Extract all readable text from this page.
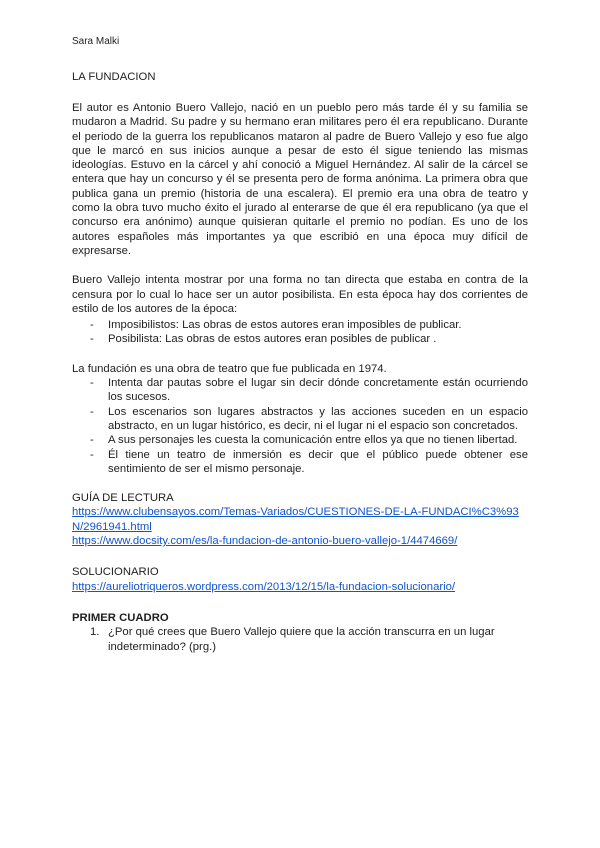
Sara Malki
LA FUNDACION

El autor es Antonio Buero Vallejo, nació en un pueblo pero más tarde él y su familia se mudaron a Madrid. Su padre y su hermano eran militares pero él era republicano. Durante el periodo de la guerra los republicanos mataron al padre de Buero Vallejo y eso fue algo que le marcó en sus inicios aunque a pesar de esto él sigue teniendo las mismas ideologías. Estuvo en la cárcel y ahí conoció a Miguel Hernández. Al salir de la cárcel se entera que hay un concurso y él se presenta pero de forma anónima. La primera obra que publica gana un premio (historia de una escalera). El premio era una obra de teatro y como la obra tuvo mucho éxito el jurado al enterarse de que él era republicano (ya que el concurso era anónimo) aunque quisieran quitarle el premio no podían. Es uno de los autores españoles más importantes ya que escribió en una época muy difícil de expresarse.

Buero Vallejo intenta mostrar por una forma no tan directa que estaba en contra de la censura por lo cual lo hace ser un autor posibilista. En esta época hay dos corrientes de estilo de los autores de la época:

- Imposibilistos: Las obras de estos autores eran imposibles de publicar.
- Posibilista: Las obras de estos autores eran posibles de publicar .
La fundación es una obra de teatro que fue publicada en 1974.
- Intenta dar pautas sobre el lugar sin decir dónde concretamente están ocurriendo los sucesos.
- Los escenarios son lugares abstractos y las acciones suceden en un espacio abstracto, en un lugar histórico, es decir, ni el lugar ni el espacio son concretados.
- A sus personajes les cuesta la comunicación entre ellos ya que no tienen libertad.
- Él tiene un teatro de inmersión es decir que el público puede obtener ese sentimiento de ser el mismo personaje.
GUÍA DE LECTURA
https://www.clubensayos.com/Temas-Variados/CUESTIONES-DE-LA-FUNDACI%C3%93N/2961941.html
https://www.docsity.com/es/la-fundacion-de-antonio-buero-vallejo-1/4474669/
SOLUCIONARIO
https://aureliotriqueros.wordpress.com/2013/12/15/la-fundacion-solucionario/
PRIMER CUADRO
1. ¿Por qué crees que Buero Vallejo quiere que la acción transcurra en un lugar indeterminado? (prg.)
